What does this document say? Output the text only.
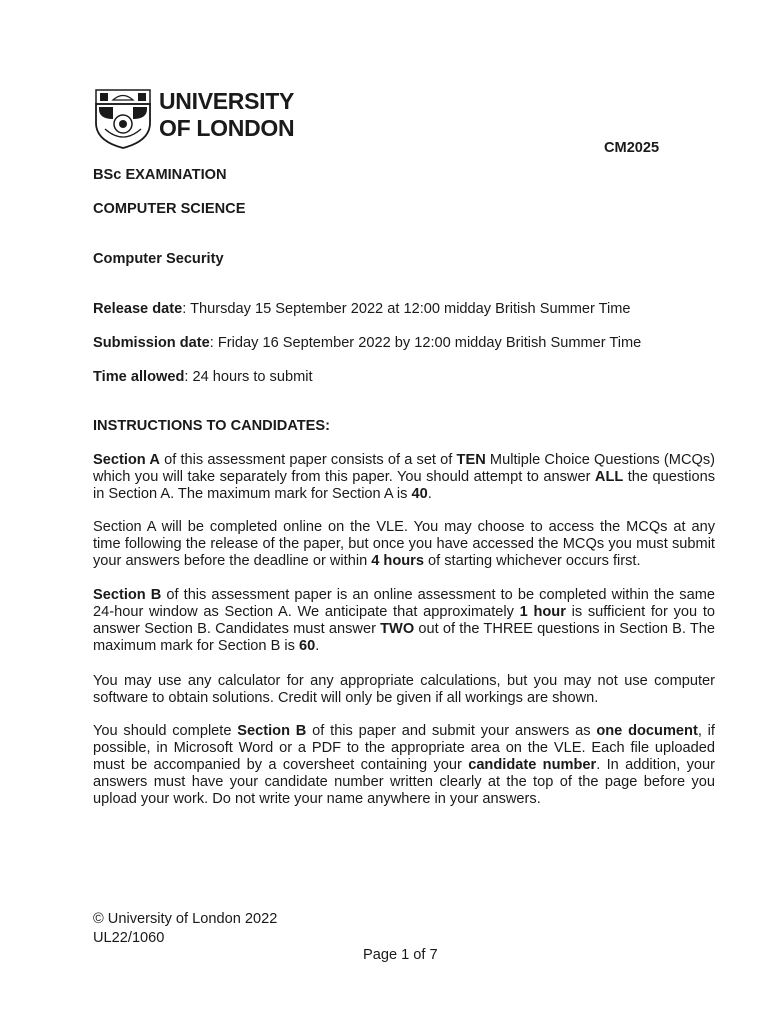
UNIVERSITY
OF LONDON
CM2025
BSc EXAMINATION
COMPUTER SCIENCE
Computer Security
Release date: Thursday 15 September 2022 at 12:00 midday British Summer Time
Submission date: Friday 16 September 2022 by 12:00 midday British Summer Time
Time allowed: 24 hours to submit
INSTRUCTIONS TO CANDIDATES:
Section A of this assessment paper consists of a set of TEN Multiple Choice Questions (MCQs) which you will take separately from this paper. You should attempt to answer ALL the questions in Section A. The maximum mark for Section A is 40.
Section A will be completed online on the VLE. You may choose to access the MCQs at any time following the release of the paper, but once you have accessed the MCQs you must submit your answers before the deadline or within 4 hours of starting whichever occurs first.
Section B of this assessment paper is an online assessment to be completed within the same 24-hour window as Section A. We anticipate that approximately 1 hour is sufficient for you to answer Section B. Candidates must answer TWO out of the THREE questions in Section B. The maximum mark for Section B is 60.
You may use any calculator for any appropriate calculations, but you may not use computer software to obtain solutions. Credit will only be given if all workings are shown.
You should complete Section B of this paper and submit your answers as one document, if possible, in Microsoft Word or a PDF to the appropriate area on the VLE. Each file uploaded must be accompanied by a coversheet containing your candidate number. In addition, your answers must have your candidate number written clearly at the top of the page before you upload your work. Do not write your name anywhere in your answers.
© University of London 2022
UL22/1060
Page 1 of 7
